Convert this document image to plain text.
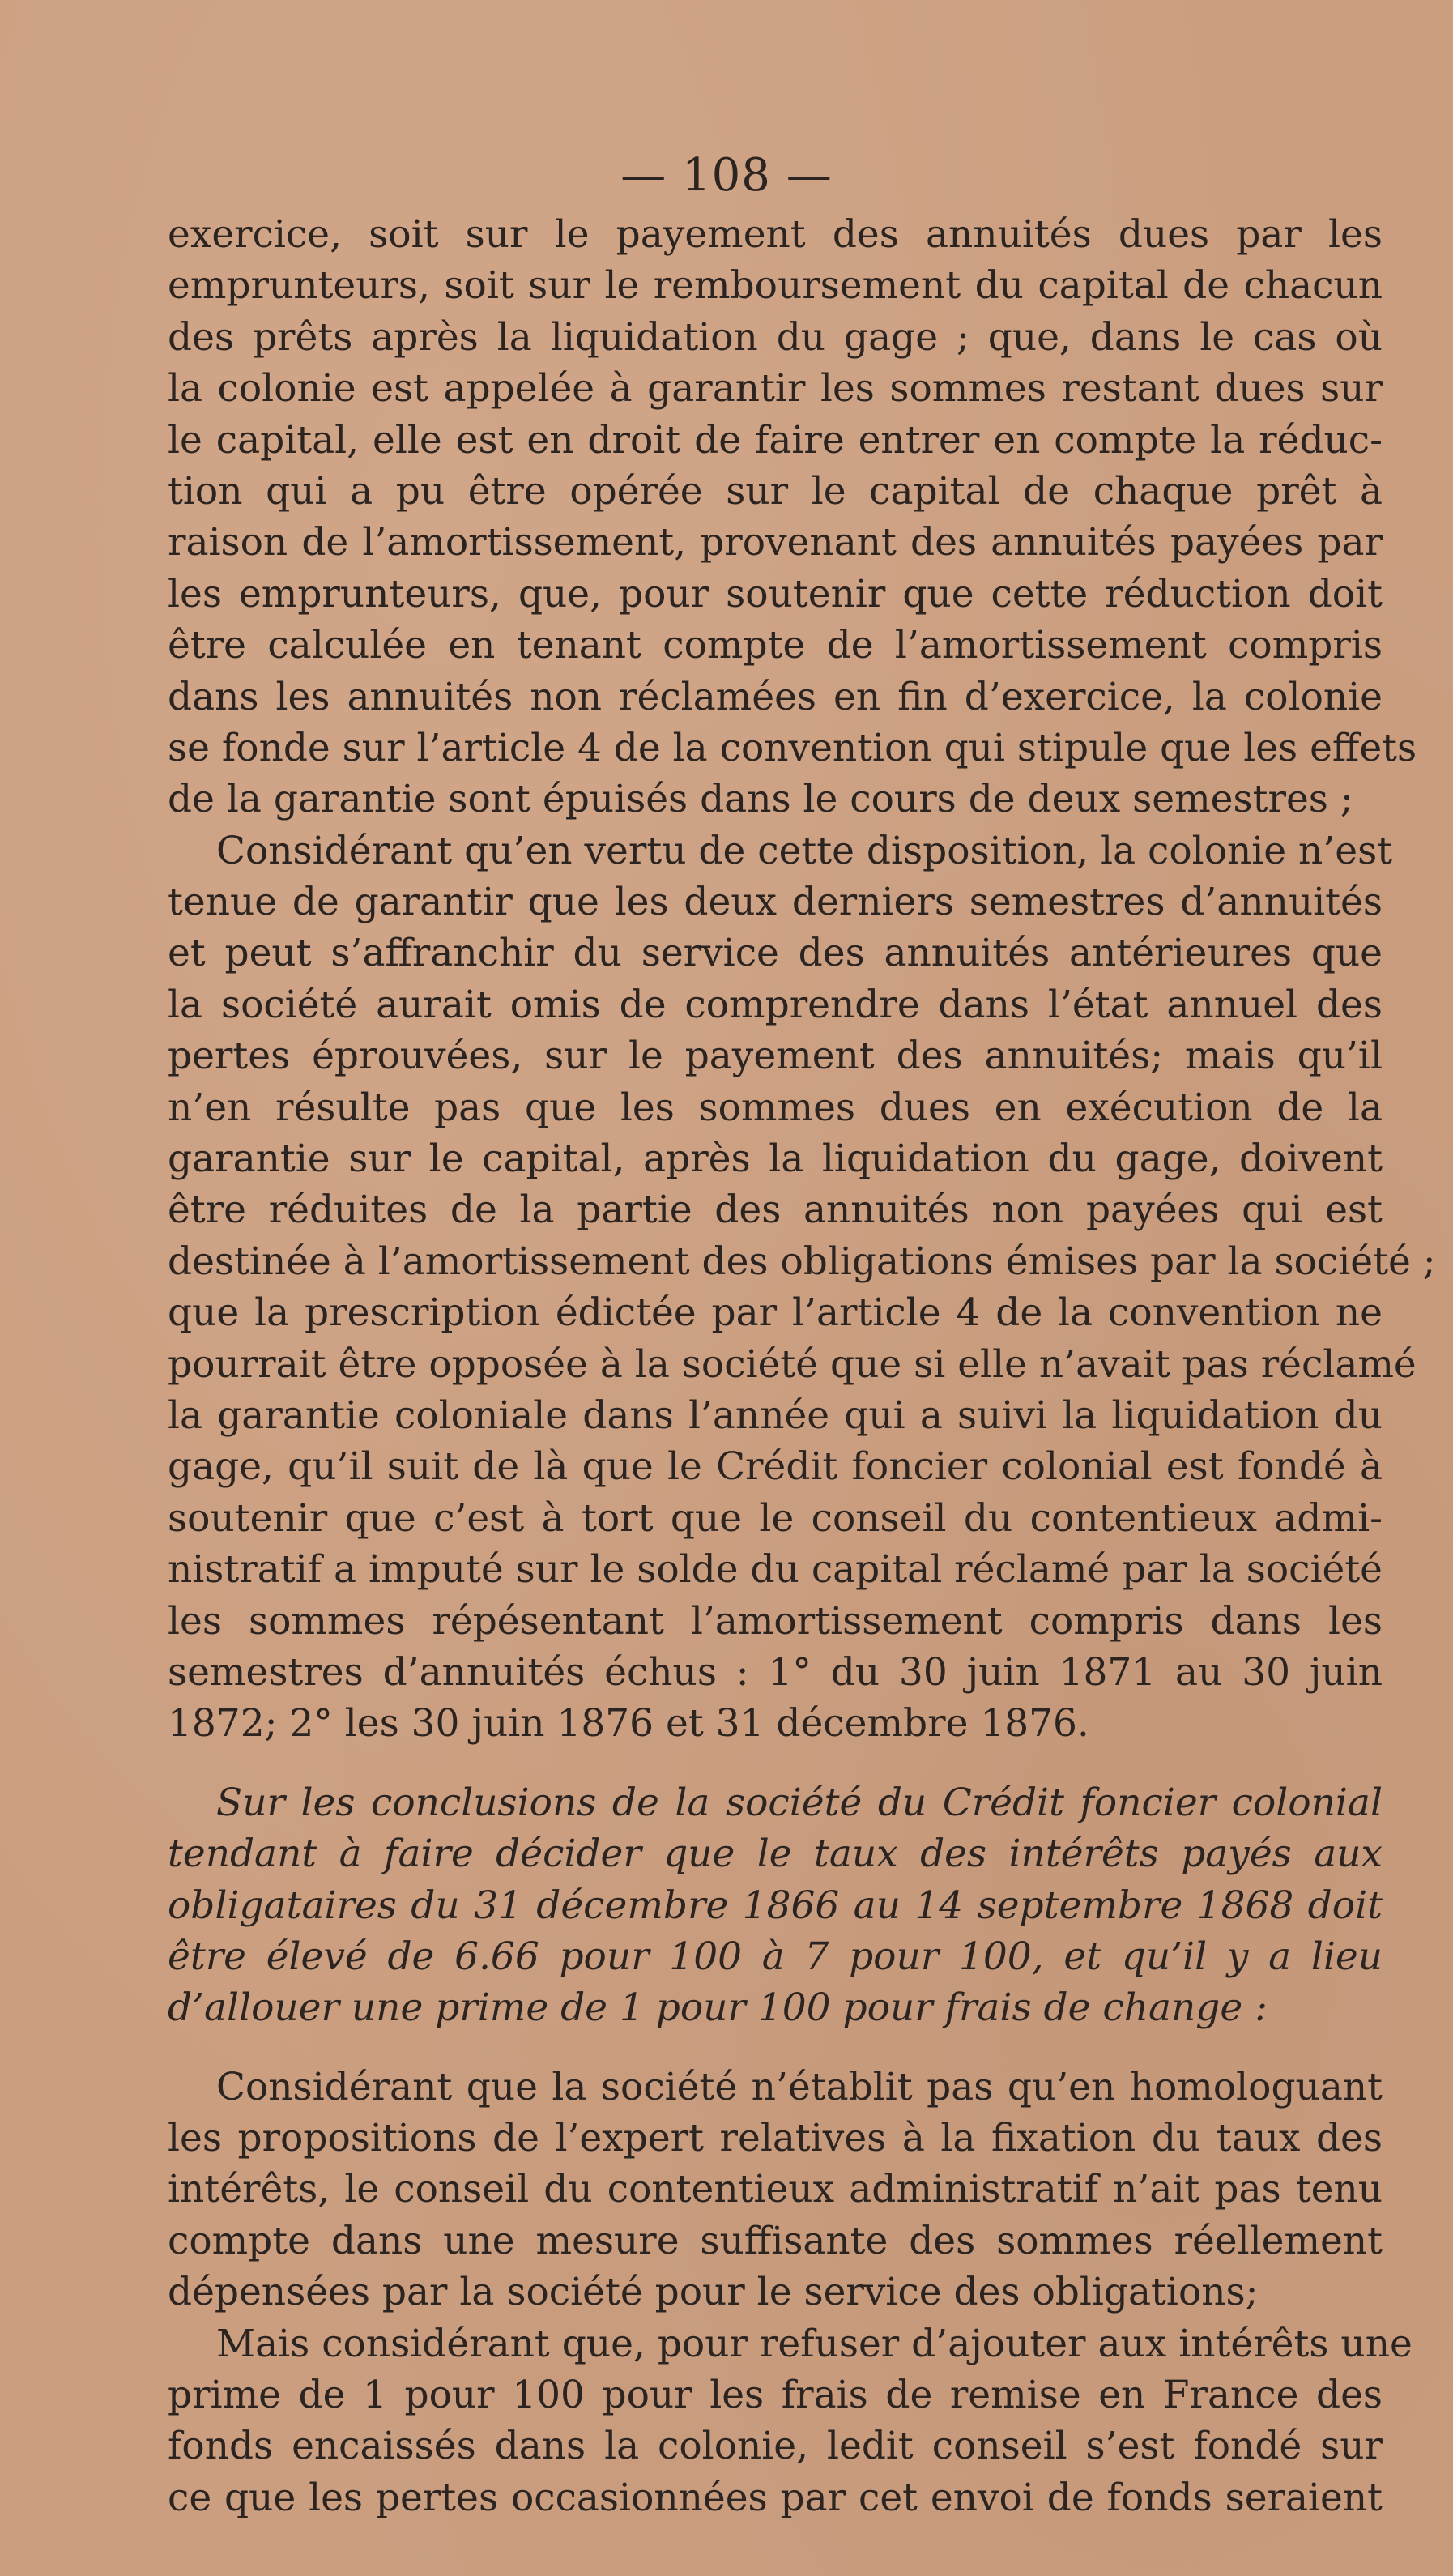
— 108 —
exercice, soit sur le payement des annuités dues par les
emprunteurs, soit sur le remboursement du capital de chacun
des prêts après la liquidation du gage ; que, dans le cas où
la colonie est appelée à garantir les sommes restant dues sur
le capital, elle est en droit de faire entrer en compte la réduc-
tion qui a pu être opérée sur le capital de chaque prêt à
raison de l’amortissement, provenant des annuités payées par
les emprunteurs, que, pour soutenir que cette réduction doit
être calculée en tenant compte de l’amortissement compris
dans les annuités non réclamées en fin d’exercice, la colonie
se fonde sur l’article 4 de la convention qui stipule que les effets
de la garantie sont épuisés dans le cours de deux semestres ;
Considérant qu’en vertu de cette disposition, la colonie n’est
tenue de garantir que les deux derniers semestres d’annuités
et peut s’affranchir du service des annuités antérieures que
la société aurait omis de comprendre dans l’état annuel des
pertes éprouvées, sur le payement des annuités; mais qu’il
n’en résulte pas que les sommes dues en exécution de la
garantie sur le capital, après la liquidation du gage, doivent
être réduites de la partie des annuités non payées qui est
destinée à l’amortissement des obligations émises par la société ;
que la prescription édictée par l’article 4 de la convention ne
pourrait être opposée à la société que si elle n’avait pas réclamé
la garantie coloniale dans l’année qui a suivi la liquidation du
gage, qu’il suit de là que le Crédit foncier colonial est fondé à
soutenir que c’est à tort que le conseil du contentieux admi-
nistratif a imputé sur le solde du capital réclamé par la société
les sommes répésentant l’amortissement compris dans les
semestres d’annuités échus : 1° du 30 juin 1871 au 30 juin
1872; 2° les 30 juin 1876 et 31 décembre 1876.
Sur les conclusions de la société du Crédit foncier colonial
tendant à faire décider que le taux des intérêts payés aux
obligataires du 31 décembre 1866 au 14 septembre 1868 doit
être élevé de 6.66 pour 100 à 7 pour 100, et qu’il y a lieu
d’allouer une prime de 1 pour 100 pour frais de change :
Considérant que la société n’établit pas qu’en homologuant
les propositions de l’expert relatives à la fixation du taux des
intérêts, le conseil du contentieux administratif n’ait pas tenu
compte dans une mesure suffisante des sommes réellement
dépensées par la société pour le service des obligations;
Mais considérant que, pour refuser d’ajouter aux intérêts une
prime de 1 pour 100 pour les frais de remise en France des
fonds encaissés dans la colonie, ledit conseil s’est fondé sur
ce que les pertes occasionnées par cet envoi de fonds seraient
